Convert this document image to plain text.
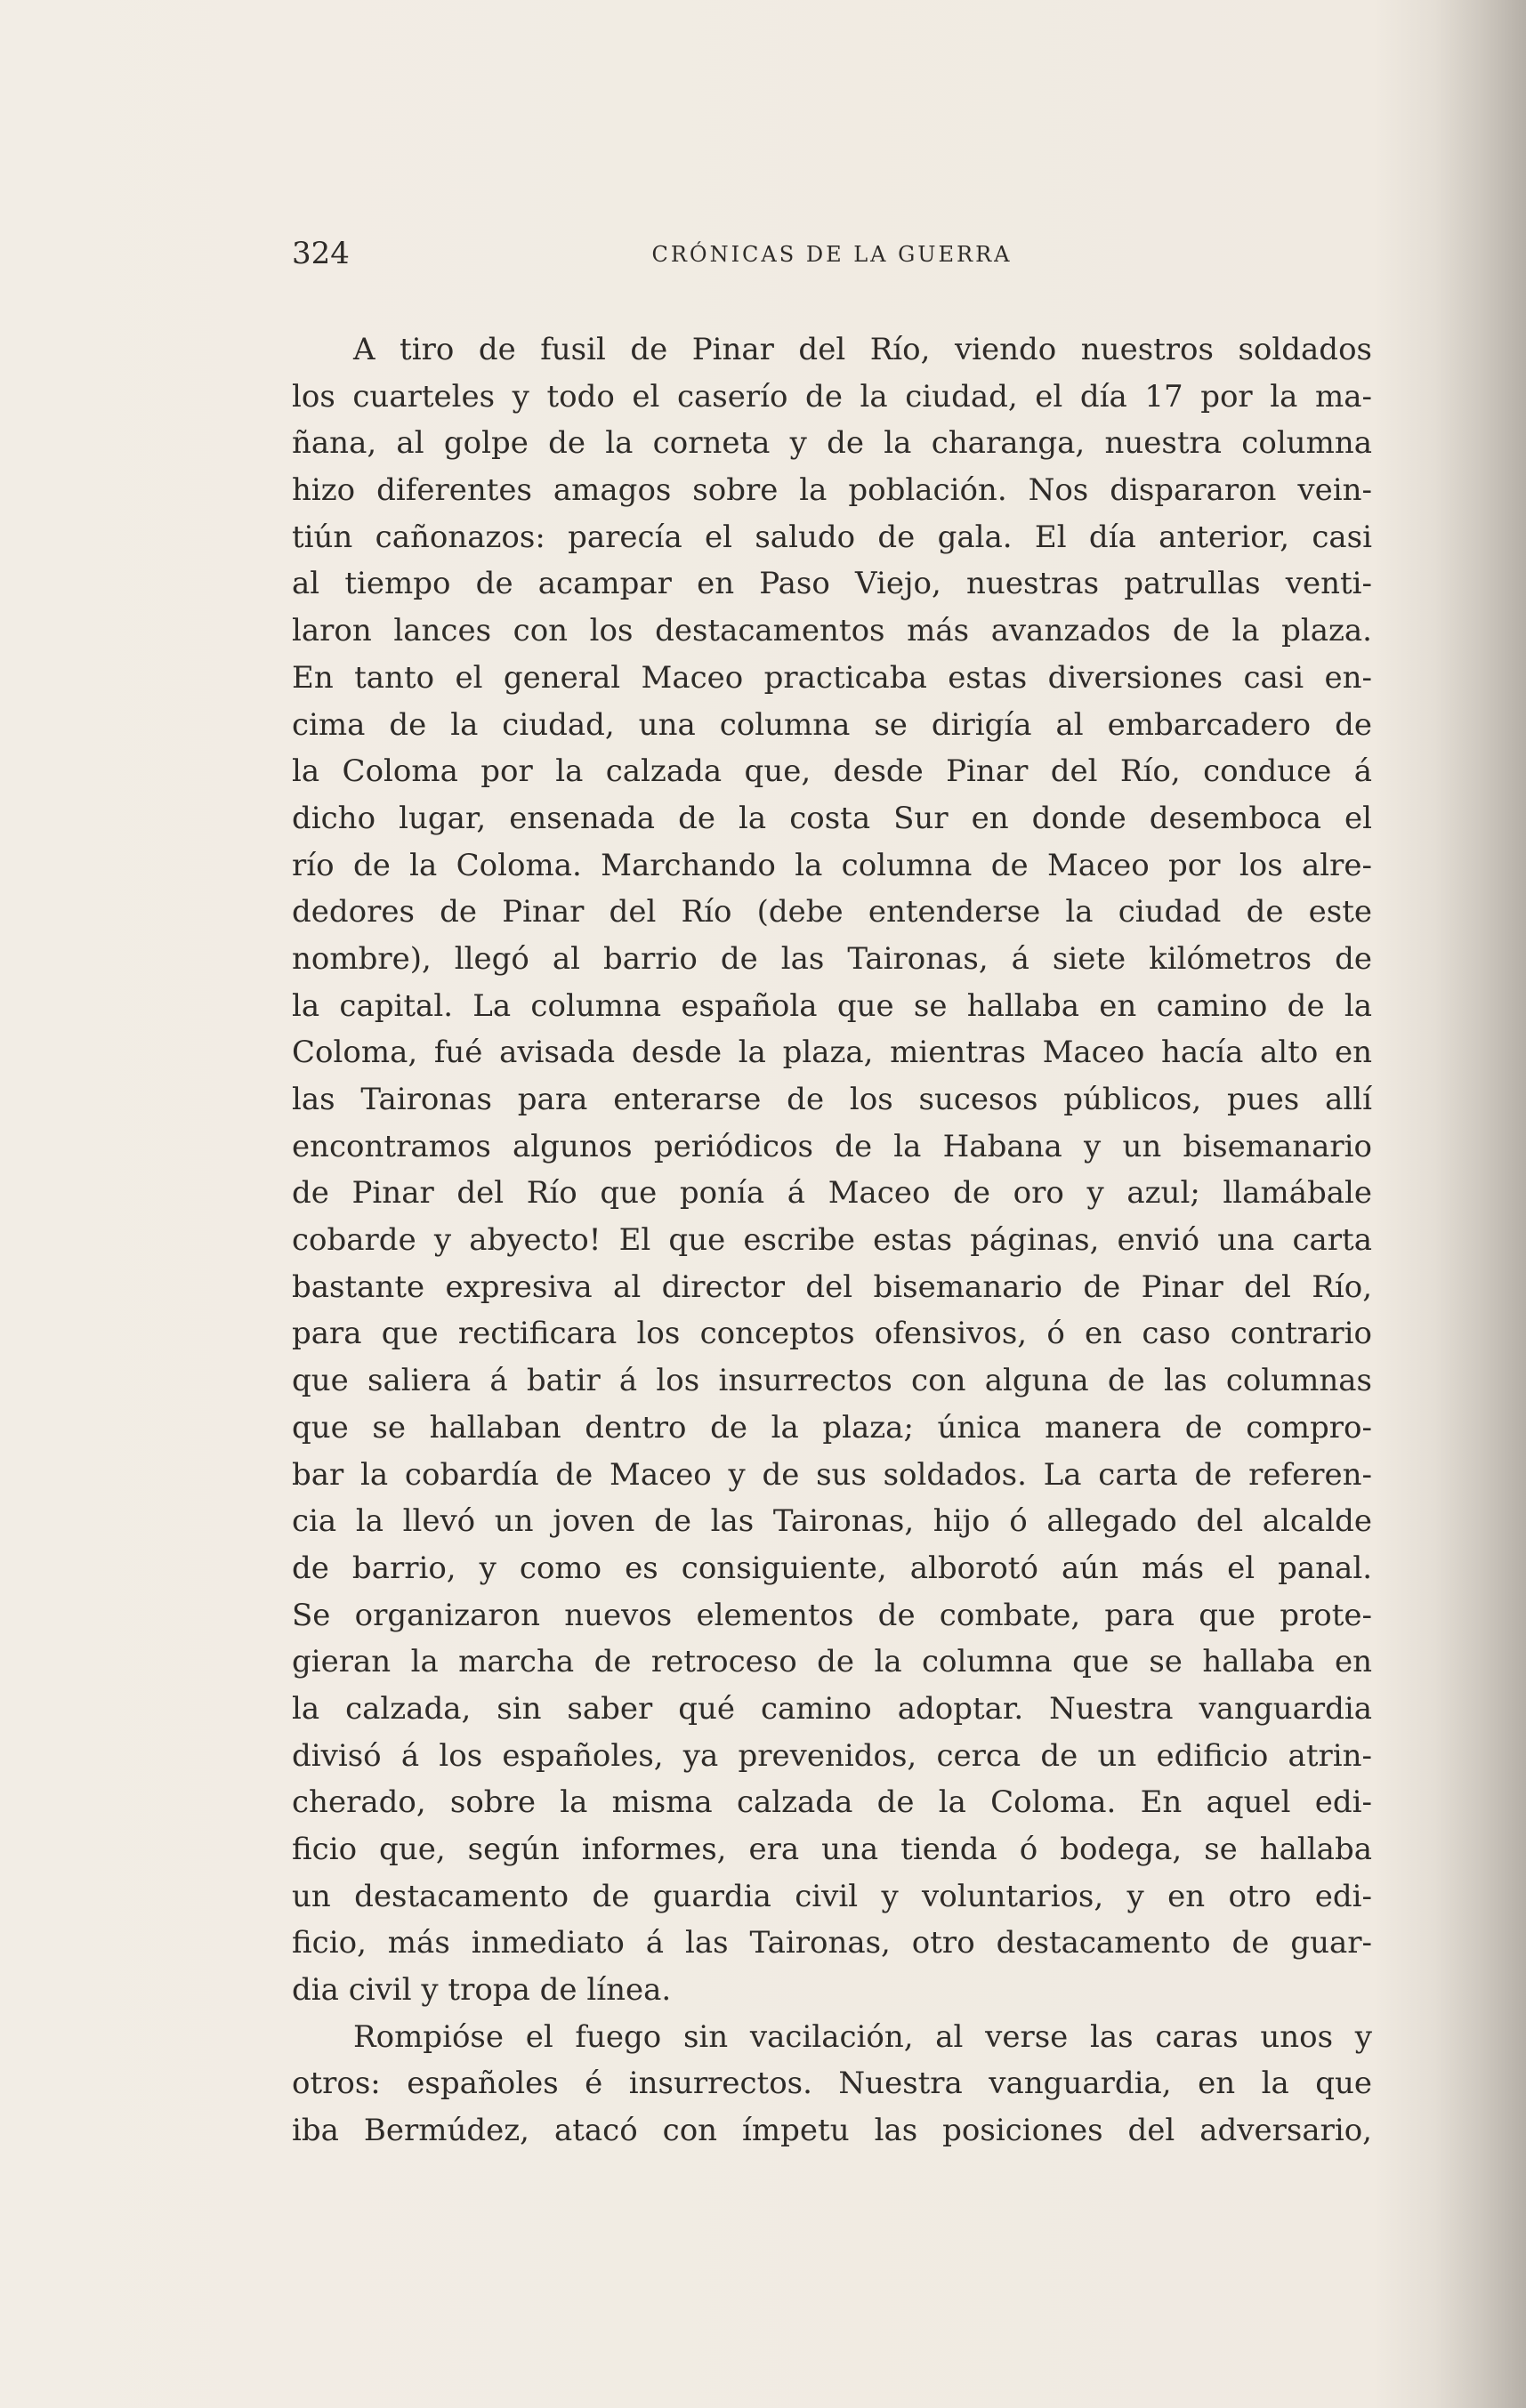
324	CRÓNICAS DE LA GUERRA
A tiro de fusil de Pinar del Río, viendo nuestros soldados
los cuarteles y todo el caserío de la ciudad, el día 17 por la ma-
ñana, al golpe de la corneta y de la charanga, nuestra columna
hizo diferentes amagos sobre la población. Nos dispararon vein-
tiún cañonazos: parecía el saludo de gala. El día anterior, casi
al tiempo de acampar en Paso Viejo, nuestras patrullas venti-
laron lances con los destacamentos más avanzados de la plaza.
En tanto el general Maceo practicaba estas diversiones casi en-
cima de la ciudad, una columna se dirigía al embarcadero de
la Coloma por la calzada que, desde Pinar del Río, conduce á
dicho lugar, ensenada de la costa Sur en donde desemboca el
río de la Coloma. Marchando la columna de Maceo por los alre-
dedores de Pinar del Río (debe entenderse la ciudad de este
nombre), llegó al barrio de las Taironas, á siete kilómetros de
la capital. La columna española que se hallaba en camino de la
Coloma, fué avisada desde la plaza, mientras Maceo hacía alto en
las Taironas para enterarse de los sucesos públicos, pues allí
encontramos algunos periódicos de la Habana y un bisemanario
de Pinar del Río que ponía á Maceo de oro y azul; llamábale
cobarde y abyecto! El que escribe estas páginas, envió una carta
bastante expresiva al director del bisemanario de Pinar del Río,
para que rectificara los conceptos ofensivos, ó en caso contrario
que saliera á batir á los insurrectos con alguna de las columnas
que se hallaban dentro de la plaza; única manera de compro-
bar la cobardía de Maceo y de sus soldados. La carta de referen-
cia la llevó un joven de las Taironas, hijo ó allegado del alcalde
de barrio, y como es consiguiente, alborotó aún más el panal.
Se organizaron nuevos elementos de combate, para que prote-
gieran la marcha de retroceso de la columna que se hallaba en
la calzada, sin saber qué camino adoptar. Nuestra vanguardia
divisó á los españoles, ya prevenidos, cerca de un edificio atrin-
cherado, sobre la misma calzada de la Coloma. En aquel edi-
ficio que, según informes, era una tienda ó bodega, se hallaba
un destacamento de guardia civil y voluntarios, y en otro edi-
ficio, más inmediato á las Taironas, otro destacamento de guar-
dia civil y tropa de línea.
Rompióse el fuego sin vacilación, al verse las caras unos y
otros: españoles é insurrectos. Nuestra vanguardia, en la que
iba Bermúdez, atacó con ímpetu las posiciones del adversario,
